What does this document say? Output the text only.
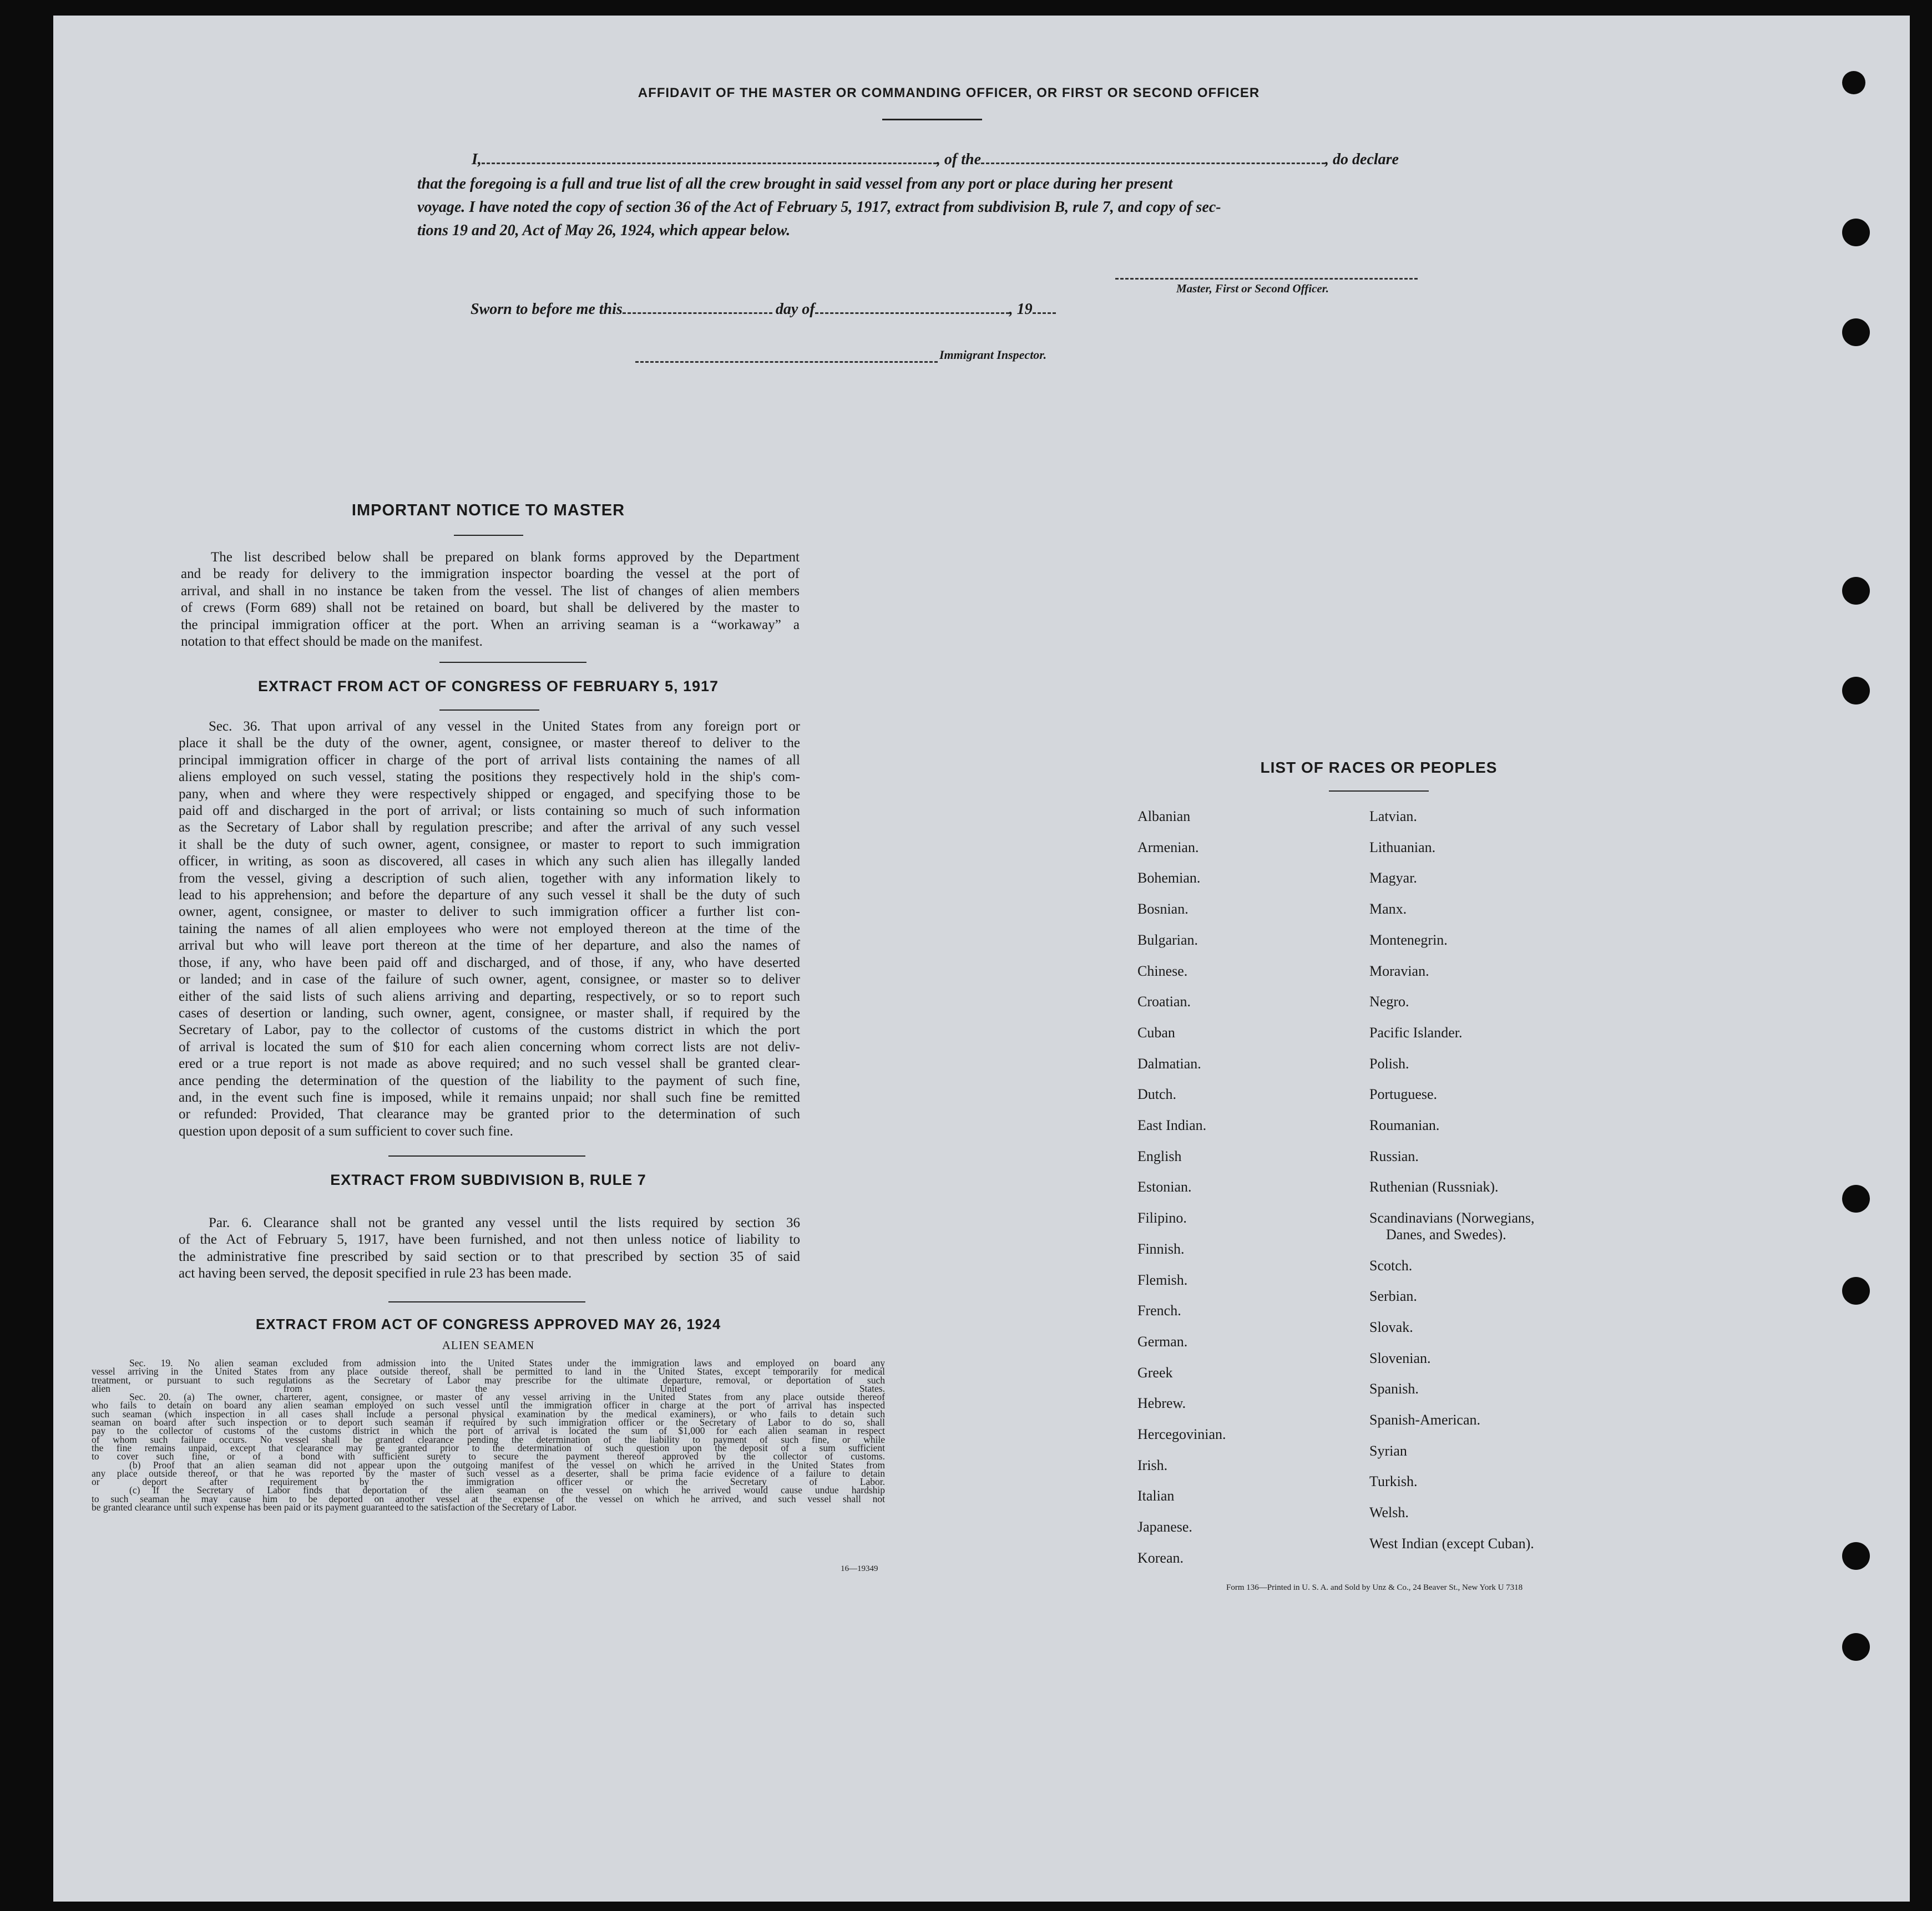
AFFIDAVIT OF THE MASTER OR COMMANDING OFFICER, OR FIRST OR SECOND OFFICER
I,	, of the	, do declare
that the foregoing is a full and true list of all the crew brought in said vessel from any port or place during her present
voyage. I have noted the copy of section 36 of the Act of February 5, 1917, extract from subdivision B, rule 7, and copy of sec-
tions 19 and 20, Act of May 26, 1924, which appear below.
Master, First or Second Officer.
Sworn to before me this	day of	, 19
Immigrant Inspector.
IMPORTANT NOTICE TO MASTER
The list described below shall be prepared on blank forms approved by the Department
and be ready for delivery to the immigration inspector boarding the vessel at the port of
arrival, and shall in no instance be taken from the vessel. The list of changes of alien members
of crews (Form 689) shall not be retained on board, but shall be delivered by the master to
the principal immigration officer at the port. When an arriving seaman is a “workaway” a
notation to that effect should be made on the manifest.
EXTRACT FROM ACT OF CONGRESS OF FEBRUARY 5, 1917
Sec. 36. That upon arrival of any vessel in the United States from any foreign port or
place it shall be the duty of the owner, agent, consignee, or master thereof to deliver to the
principal immigration officer in charge of the port of arrival lists containing the names of all
aliens employed on such vessel, stating the positions they respectively hold in the ship's com-
pany, when and where they were respectively shipped or engaged, and specifying those to be
paid off and discharged in the port of arrival; or lists containing so much of such information
as the Secretary of Labor shall by regulation prescribe; and after the arrival of any such vessel
it shall be the duty of such owner, agent, consignee, or master to report to such immigration
officer, in writing, as soon as discovered, all cases in which any such alien has illegally landed
from the vessel, giving a description of such alien, together with any information likely to
lead to his apprehension; and before the departure of any such vessel it shall be the duty of such
owner, agent, consignee, or master to deliver to such immigration officer a further list con-
taining the names of all alien employees who were not employed thereon at the time of the
arrival but who will leave port thereon at the time of her departure, and also the names of
those, if any, who have been paid off and discharged, and of those, if any, who have deserted
or landed; and in case of the failure of such owner, agent, consignee, or master so to deliver
either of the said lists of such aliens arriving and departing, respectively, or so to report such
cases of desertion or landing, such owner, agent, consignee, or master shall, if required by the
Secretary of Labor, pay to the collector of customs of the customs district in which the port
of arrival is located the sum of $10 for each alien concerning whom correct lists are not deliv-
ered or a true report is not made as above required; and no such vessel shall be granted clear-
ance pending the determination of the question of the liability to the payment of such fine,
and, in the event such fine is imposed, while it remains unpaid; nor shall such fine be remitted
or refunded: Provided, That clearance may be granted prior to the determination of such
question upon deposit of a sum sufficient to cover such fine.
EXTRACT FROM SUBDIVISION B, RULE 7
Par. 6. Clearance shall not be granted any vessel until the lists required by section 36
of the Act of February 5, 1917, have been furnished, and not then unless notice of liability to
the administrative fine prescribed by said section or to that prescribed by section 35 of said
act having been served, the deposit specified in rule 23 has been made.
EXTRACT FROM ACT OF CONGRESS APPROVED MAY 26, 1924
ALIEN SEAMEN
Sec. 19. No alien seaman excluded from admission into the United States under the immigration laws and employed on board any
vessel arriving in the United States from any place outside thereof, shall be permitted to land in the United States, except temporarily for medical
treatment, or pursuant to such regulations as the Secretary of Labor may prescribe for the ultimate departure, removal, or deportation of such
alien from the United States.
Sec. 20. (a) The owner, charterer, agent, consignee, or master of any vessel arriving in the United States from any place outside thereof
who fails to detain on board any alien seaman employed on such vessel until the immigration officer in charge at the port of arrival has inspected
such seaman (which inspection in all cases shall include a personal physical examination by the medical examiners), or who fails to detain such
seaman on board after such inspection or to deport such seaman if required by such immigration officer or the Secretary of Labor to do so, shall
pay to the collector of customs of the customs district in which the port of arrival is located the sum of $1,000 for each alien seaman in respect
of whom such failure occurs. No vessel shall be granted clearance pending the determination of the liability to payment of such fine, or while
the fine remains unpaid, except that clearance may be granted prior to the determination of such question upon the deposit of a sum sufficient
to cover such fine, or of a bond with sufficient surety to secure the payment thereof approved by the collector of customs.
(b) Proof that an alien seaman did not appear upon the outgoing manifest of the vessel on which he arrived in the United States from
any place outside thereof, or that he was reported by the master of such vessel as a deserter, shall be prima facie evidence of a failure to detain
or deport after requirement by the immigration officer or the Secretary of Labor.
(c) If the Secretary of Labor finds that deportation of the alien seaman on the vessel on which he arrived would cause undue hardship
to such seaman he may cause him to be deported on another vessel at the expense of the vessel on which he arrived, and such vessel shall not
be granted clearance until such expense has been paid or its payment guaranteed to the satisfaction of the Secretary of Labor.
16—19349
LIST OF RACES OR PEOPLES
Albanian
Armenian.
Bohemian.
Bosnian.
Bulgarian.
Chinese.
Croatian.
Cuban
Dalmatian.
Dutch.
East Indian.
English
Estonian.
Filipino.
Finnish.
Flemish.
French.
German.
Greek
Hebrew.
Hercegovinian.
Irish.
Italian
Japanese.
Korean.
Latvian.
Lithuanian.
Magyar.
Manx.
Montenegrin.
Moravian.
Negro.
Pacific Islander.
Polish.
Portuguese.
Roumanian.
Russian.
Ruthenian (Russniak).
Scandinavians (Norwegians,
Danes, and Swedes).
Scotch.
Serbian.
Slovak.
Slovenian.
Spanish.
Spanish-American.
Syrian
Turkish.
Welsh.
West Indian (except Cuban).
Form 136—Printed in U. S. A. and Sold by Unz & Co., 24 Beaver St., New York U 7318
